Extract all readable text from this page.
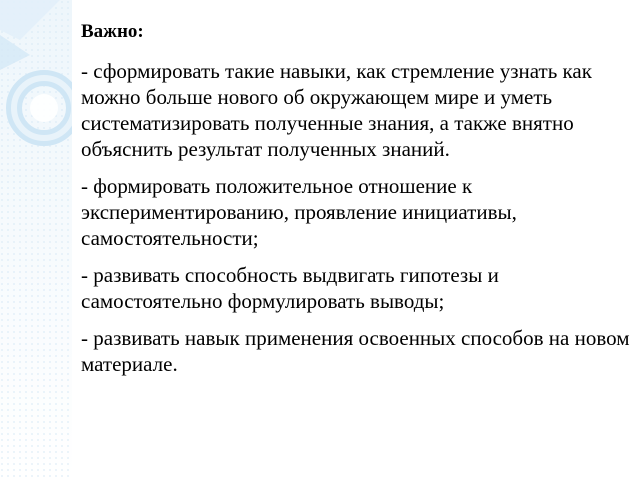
Важно:
- сформировать такие навыки, как стремление узнать как можно больше нового об окружающем мире и уметь систематизировать полученные знания, а также внятно объяснить результат полученных знаний.
- формировать положительное отношение к экспериментированию, проявление инициативы, самостоятельности;
- развивать способность выдвигать гипотезы и самостоятельно формулировать выводы;
- развивать навык применения освоенных способов на новом материале.
